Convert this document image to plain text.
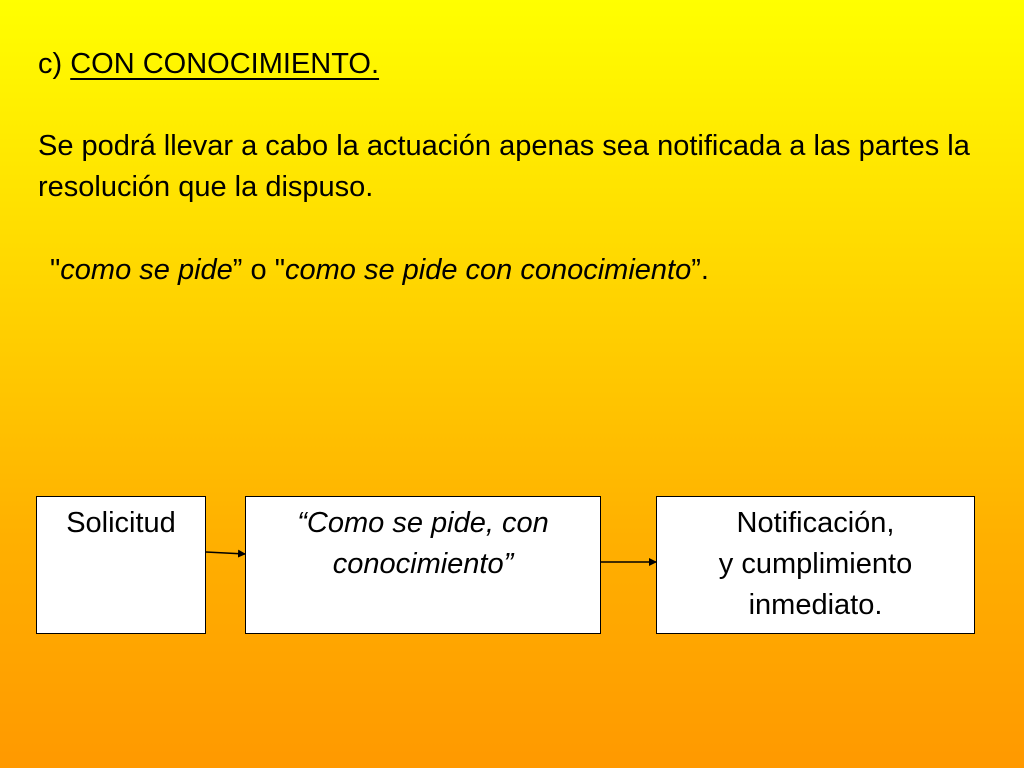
c) CON CONOCIMIENTO.
Se podrá llevar a cabo la actuación apenas sea notificada a las partes la resolución que la dispuso.
"como se pide” o "como se pide con conocimiento”.
Solicitud	“Como se pide, con
conocimiento”
Notificación,
y cumplimiento
inmediato.
